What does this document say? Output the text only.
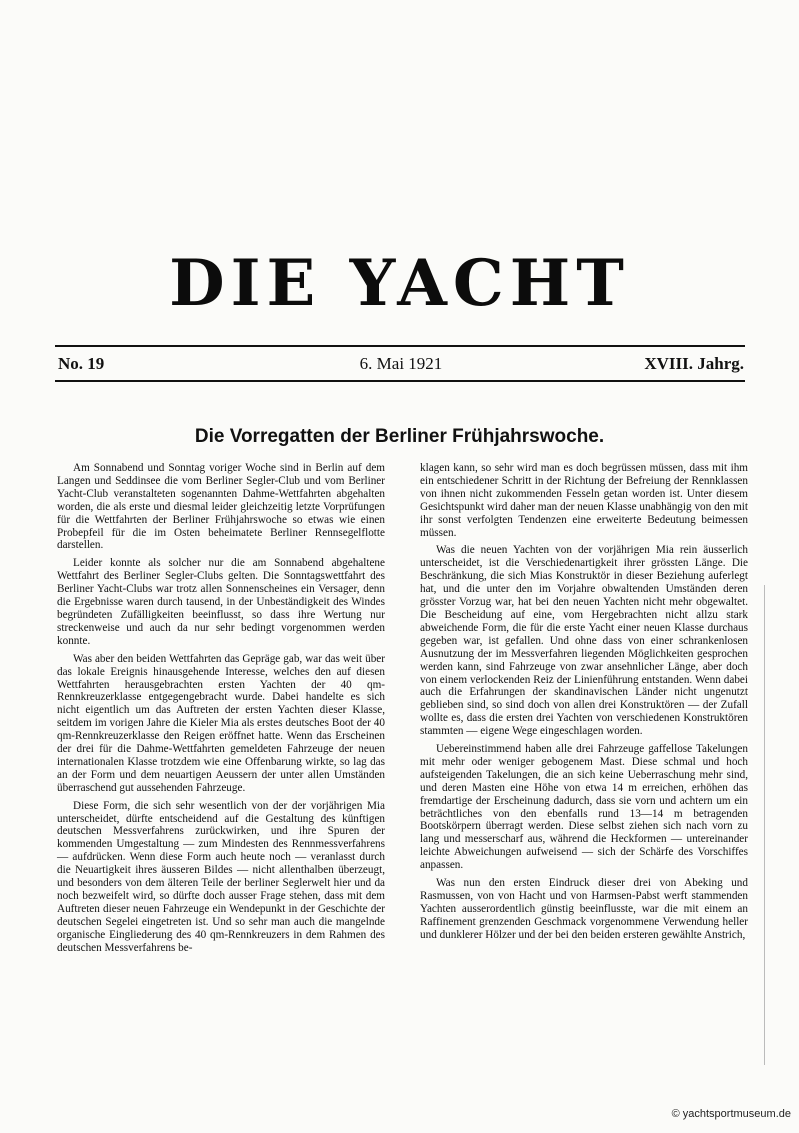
DIE YACHT
6. Mai 1921
No. 19	XVIII. Jahrg.
Die Vorregatten der Berliner Frühjahrswoche.

Am Sonnabend und Sonntag voriger Woche sind in Berlin auf dem Langen und Seddinsee die vom Berliner Segler-Club und vom Berliner Yacht-Club veranstalteten sogenannten Dahme-Wettfahrten abgehalten worden, die als erste und diesmal leider gleichzeitig letzte Vorprüfungen für die Wettfahrten der Berliner Frühjahrswoche so etwas wie einen Probepfeil für die im Osten beheimatete Berliner Rennsegelflotte darstellen.

Leider konnte als solcher nur die am Sonnabend abgehaltene Wettfahrt des Berliner Segler-Clubs gelten. Die Sonntagswettfahrt des Berliner Yacht-Clubs war trotz allen Sonnenscheines ein Versager, denn die Ergebnisse waren durch tausend, in der Unbeständigkeit des Windes begründeten Zufälligkeiten beeinflusst, so dass ihre Wertung nur streckenweise und auch da nur sehr bedingt vorgenommen werden konnte.

Was aber den beiden Wettfahrten das Gepräge gab, war das weit über das lokale Ereignis hinausgehende Interesse, welches den auf diesen Wettfahrten herausgebrachten ersten Yachten der 40 qm-Rennkreuzerklasse entgegengebracht wurde. Dabei handelte es sich nicht eigentlich um das Auftreten der ersten Yachten dieser Klasse, seitdem im vorigen Jahre die Kieler Mia als erstes deutsches Boot der 40 qm-Rennkreuzerklasse den Reigen eröffnet hatte. Wenn das Erscheinen der drei für die Dahme-Wettfahrten gemeldeten Fahrzeuge der neuen internationalen Klasse trotzdem wie eine Offenbarung wirkte, so lag das an der Form und dem neuartigen Aeussern der unter allen Umständen überraschend gut aussehenden Fahrzeuge.

Diese Form, die sich sehr wesentlich von der der vorjährigen Mia unterscheidet, dürfte entscheidend auf die Gestaltung des künftigen deutschen Messverfahrens zurückwirken, und ihre Spuren der kommenden Umgestaltung — zum Mindesten des Rennmessverfahrens — aufdrücken. Wenn diese Form auch heute noch — veranlasst durch die Neuartigkeit ihres äusseren Bildes — nicht allenthalben überzeugt, und besonders von dem älteren Teile der berliner Seglerwelt hier und da noch bezweifelt wird, so dürfte doch ausser Frage stehen, dass mit dem Auftreten dieser neuen Fahrzeuge ein Wendepunkt in der Geschichte der deutschen Segelei eingetreten ist. Und so sehr man auch die mangelnde organische Eingliederung des 40 qm-Rennkreuzers in dem Rahmen des deutschen Messverfahrens be-

klagen kann, so sehr wird man es doch begrüssen müssen, dass mit ihm ein entschiedener Schritt in der Richtung der Befreiung der Rennklassen von ihnen nicht zukommenden Fesseln getan worden ist. Unter diesem Gesichtspunkt wird daher man der neuen Klasse unabhängig von den mit ihr sonst verfolgten Tendenzen eine erweiterte Bedeutung beimessen müssen.

Was die neuen Yachten von der vorjährigen Mia rein äusserlich unterscheidet, ist die Verschiedenartigkeit ihrer grössten Länge. Die Beschränkung, die sich Mias Konstruktör in dieser Beziehung auferlegt hat, und die unter den im Vorjahre obwaltenden Umständen deren grösster Vorzug war, hat bei den neuen Yachten nicht mehr obgewaltet. Die Bescheidung auf eine, vom Hergebrachten nicht allzu stark abweichende Form, die für die erste Yacht einer neuen Klasse durchaus gegeben war, ist gefallen. Und ohne dass von einer schrankenlosen Ausnutzung der im Messverfahren liegenden Möglichkeiten gesprochen werden kann, sind Fahrzeuge von zwar ansehnlicher Länge, aber doch von einem verlockenden Reiz der Linienführung entstanden. Wenn dabei auch die Erfahrungen der skandinavischen Länder nicht ungenutzt geblieben sind, so sind doch von allen drei Konstruktören — der Zufall wollte es, dass die ersten drei Yachten von verschiedenen Konstruktören stammten — eigene Wege eingeschlagen worden.

Uebereinstimmend haben alle drei Fahrzeuge gaffellose Takelungen mit mehr oder weniger gebogenem Mast. Diese schmal und hoch aufsteigenden Takelungen, die an sich keine Ueberraschung mehr sind, und deren Masten eine Höhe von etwa 14 m erreichen, erhöhen das fremdartige der Erscheinung dadurch, dass sie vorn und achtern um ein beträchtliches von den ebenfalls rund 13—14 m betragenden Bootskörpern überragt werden. Diese selbst ziehen sich nach vorn zu lang und messerscharf aus, während die Heckformen — untereinander leichte Abweichungen aufweisend — sich der Schärfe des Vorschiffes anpassen.

Was nun den ersten Eindruck dieser drei von Abeking und Rasmussen, von von Hacht und von Harmsen-Pabst werft stammenden Yachten ausserordentlich günstig beeinflusste, war die mit einem an Raffinement grenzenden Geschmack vorgenommene Verwendung heller und dunklerer Hölzer und der bei den beiden ersteren gewählte Anstrich,

© yachtsportmuseum.de
